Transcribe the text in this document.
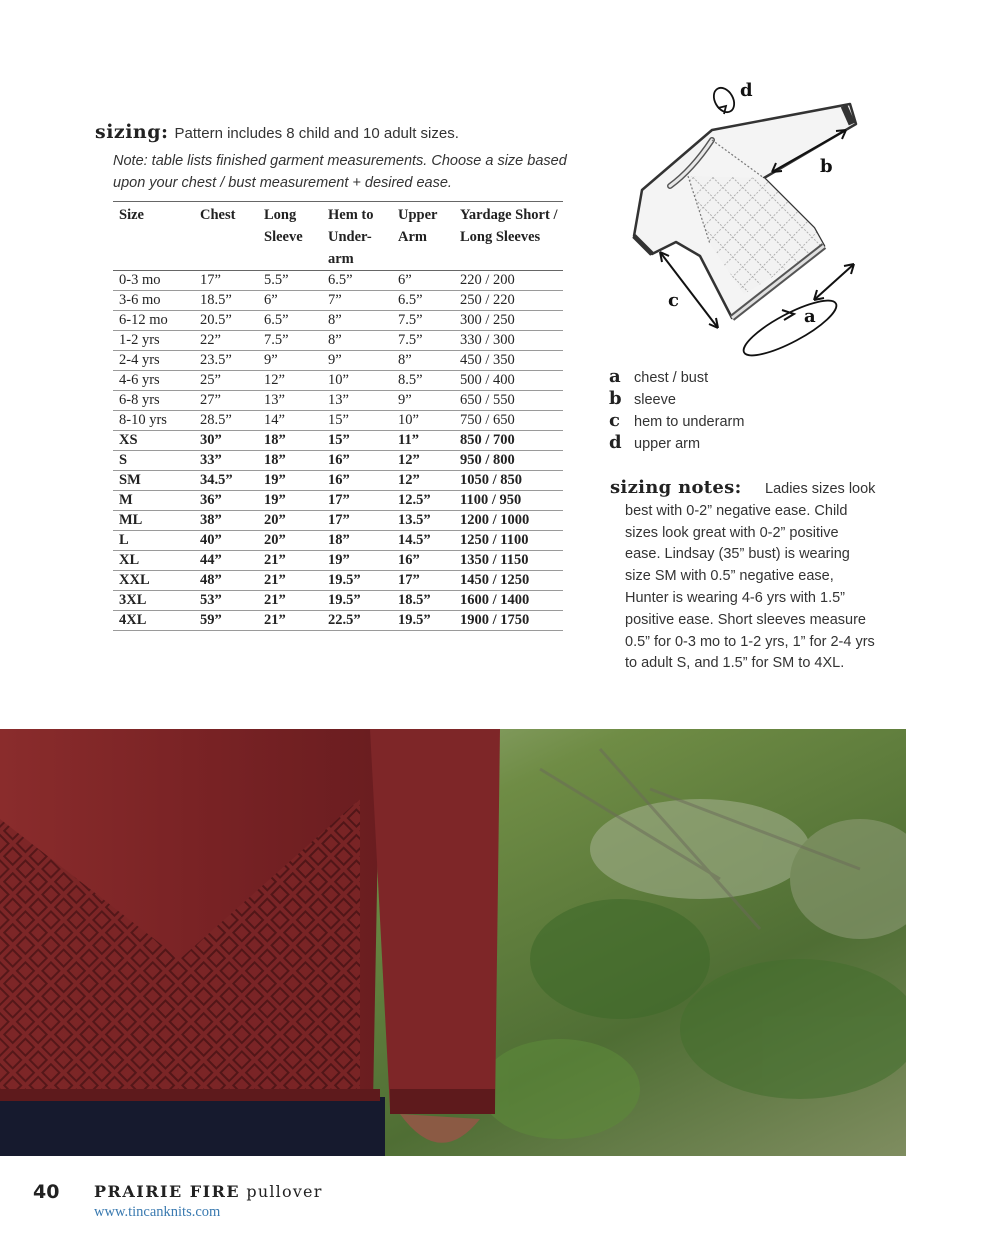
sizing: Pattern includes 8 child and 10 adult sizes.
Note: table lists finished garment measurements. Choose a size based upon your chest / bust measurement + desired ease.
Size	Chest	Long Sleeve	Hem to Under-arm	Upper Arm	Yardage Short / Long Sleeves
0-3 mo	17”	5.5”	6.5”	6”	220 / 200
3-6 mo	18.5”	6”	7”	6.5”	250 / 220
6-12 mo	20.5”	6.5”	8”	7.5”	300 / 250
1-2 yrs	22”	7.5”	8”	7.5”	330 / 300
2-4 yrs	23.5”	9”	9”	8”	450 / 350
4-6 yrs	25”	12”	10”	8.5”	500 / 400
6-8 yrs	27”	13”	13”	9”	650 / 550
8-10 yrs	28.5”	14”	15”	10”	750 / 650
XS	30”	18”	15”	11”	850 / 700
S	33”	18”	16”	12”	950 / 800
SM	34.5”	19”	16”	12”	1050 / 850
M	36”	19”	17”	12.5”	1100 / 950
ML	38”	20”	17”	13.5”	1200 / 1000
L	40”	20”	18”	14.5”	1250 / 1100
XL	44”	21”	19”	16”	1350 / 1150
XXL	48”	21”	19.5”	17”	1450 / 1250
3XL	53”	21”	19.5”	18.5”	1600 / 1400
4XL	59”	21”	22.5”	19.5”	1900 / 1750
b
c
a
d
a chest / bust
b sleeve
c hem to underarm
d upper arm
sizing notes:	Ladies sizes look best with 0-2” negative ease. Child sizes look great with 0-2” positive ease. Lindsay (35” bust) is wearing size SM with 0.5” negative ease, Hunter is wearing 4-6 yrs with 1.5” positive ease. Short sleeves measure 0.5” for 0-3 mo to 1-2 yrs, 1” for 2-4 yrs to adult S, and 1.5” for SM to 4XL.
40 PRAIRIE FIRE pullover
www.tincanknits.com
